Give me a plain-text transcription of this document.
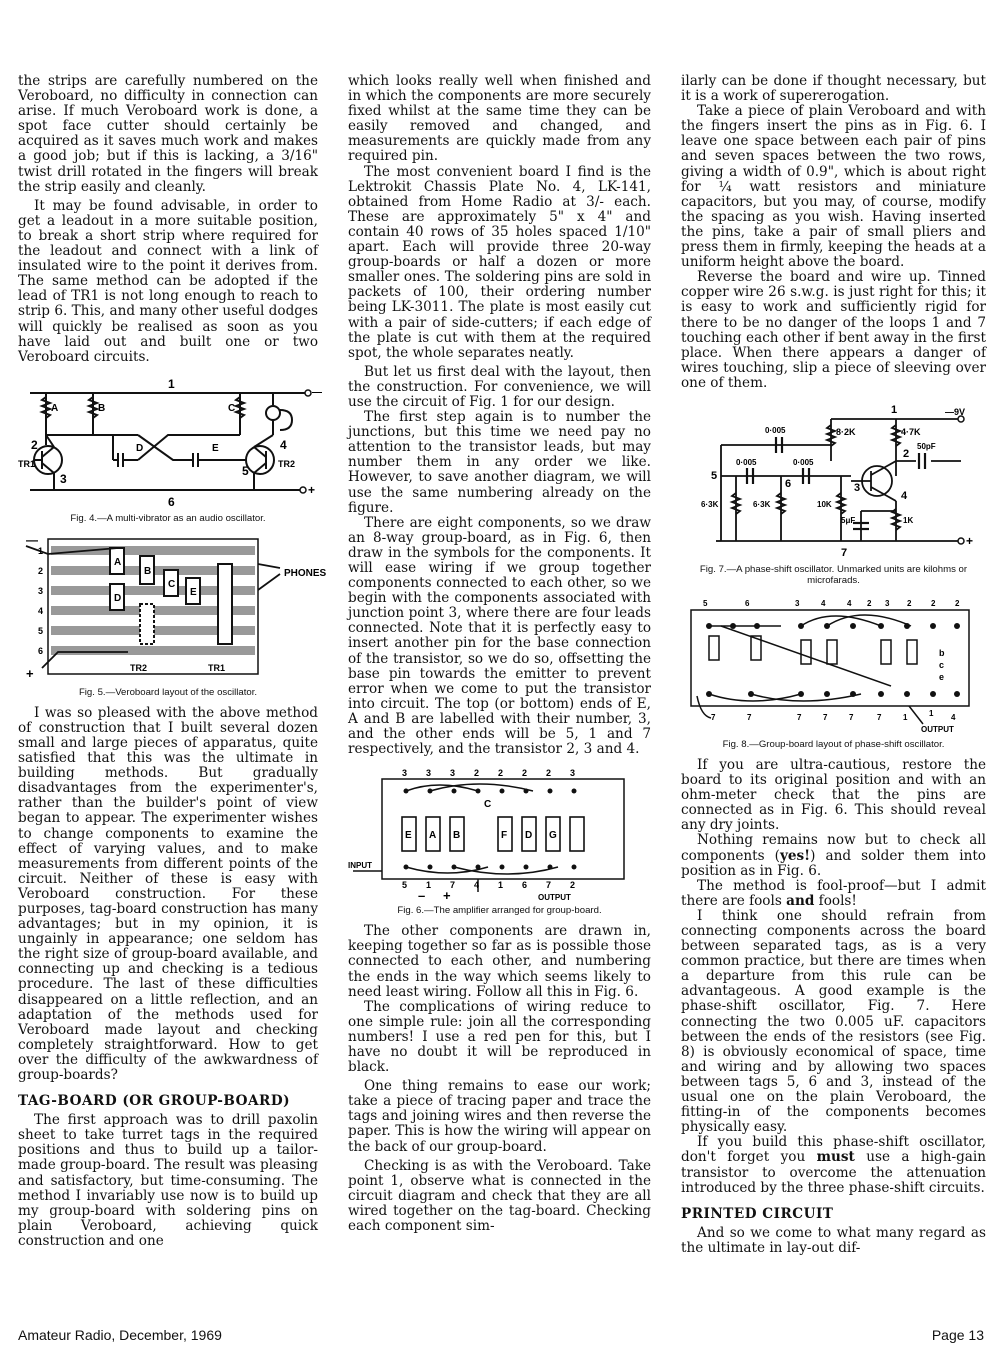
the strips are carefully numbered on the Veroboard, no difficulty in connection can arise. If much Veroboard work is done, a spot face cutter should certainly be acquired as it saves much work and makes a good job; but if this is lacking, a 3/16" twist drill rotated in the fingers will break the strip easily and cleanly.

It may be found advisable, in order to get a leadout in a more suitable position, to break a short strip where required for the leadout and connect with a link of insulated wire to the point it derives from. The same method can be adopted if the lead of TR1 is not long enough to reach to strip 6. This, and many other useful dodges will quickly be realised as soon as you have laid out and built one or two Veroboard circuits.

1
6
A	B	C
D	E
2
3
4
5
TR1	TR2
—
+
Fig. 4.—A multi-vibrator as an audio oscillator.
—
+
1
2
3
4
5
6
A
D
B
C
E
PHONES
TR2	TR1
Fig. 5.—Veroboard layout of the oscillator.

I was so pleased with the above method of construction that I built several dozen small and large pieces of apparatus, quite satisfied that this was the ultimate in building methods. But gradually disadvantages from the experimenter's, rather than the builder's point of view began to appear. The experimenter wishes to change components to examine the effect of varying values, and to make measurements from different points of the circuit. Neither of these is easy with Veroboard construction. For these purposes, tag-board construction has many advantages; but in my opinion, it is ungainly in appearance; one seldom has the right size of group-board available, and connecting up and checking is a tedious procedure. The last of these difficulties disappeared on a little reflection, and an adaptation of the methods used for Veroboard made layout and checking completely straightforward. How to get over the difficulty of the awkwardness of group-boards?

TAG-BOARD (OR GROUP-BOARD)

The first approach was to drill paxolin sheet to take turret tags in the required positions and thus to build up a tailor-made group-board. The result was pleasing and satisfactory, but time-consuming. The method I invariably use now is to build up my group-board with soldering pins on plain Veroboard, achieving quick construction and one

which looks really well when finished and in which the components are more securely fixed whilst at the same time they can be easily removed and changed, and measurements are quickly made from any required pin.

The most convenient board I find is the Lektrokit Chassis Plate No. 4, LK-141, obtained from Home Radio at 3/- each. These are approximately 5" x 4" and contain 40 rows of 35 holes spaced 1/10" apart. Each will provide three 20-way group-boards or half a dozen or more smaller ones. The soldering pins are sold in packets of 100, their ordering number being LK-3011. The plate is most easily cut with a pair of side-cutters; if each edge of the plate is cut with them at the required spot, the whole separates neatly.

But let us first deal with the layout, then the construction. For convenience, we will use the circuit of Fig. 1 for our design.

The first step again is to number the junctions, but this time we need pay no attention to the transistor leads, but may number them in any order we like. However, to save another diagram, we will use the same numbering already on the figure.

There are eight components, so we draw an 8-way group-board, as in Fig. 6, then draw in the symbols for the components. It will ease wiring if we group together components connected to each other, so we begin with the components associated with junction point 3, where there are four leads connected. Note that it is perfectly easy to insert another pin for the base connection of the transistor, so we do so, offsetting the base pin towards the emitter to prevent error when we come to put the transistor into circuit. The top (or bottom) ends of E, A and B are labelled with their number, 3, and the other ends will be 5, 1 and 7 respectively, and the transistor 2, 3 and 4.

3 3 3 2 2 2 2 3
5 1 7 4 1 6 7 2
E A B
C
F D G
INPUT
OUTPUT
– +
Fig. 6.—The amplifier arranged for group-board.

The other components are drawn in, keeping together so far as is possible those connected to each other, and numbering the ends in the way which seems likely to need least wiring. Follow all this in Fig. 6.

The complications of wiring reduce to one simple rule: join all the corresponding numbers! I use a red pen for this, but I have no doubt it will be reproduced in black.

One thing remains to ease our work; take a piece of tracing paper and trace the tags and joining wires and then reverse the paper. This is how the wiring will appear on the back of our group-board.

Checking is as with the Veroboard. Take point 1, observe what is connected in the circuit diagram and check that they are all wired together on the tag-board. Checking each component sim-

ilarly can be done if thought necessary, but it is a work of supererogation.

Take a piece of plain Veroboard and with the fingers insert the pins as in Fig. 6. I leave one space between each pair of pins and seven spaces between the two rows, giving a width of 0.9", which is about right for ¼ watt resistors and miniature capacitors, but you may, of course, modify the spacing as you wish. Having inserted the pins, take a pair of small pliers and press them in firmly, keeping the heads at a uniform height above the board.

Reverse the board and wire up. Tinned copper wire 26 s.w.g. is just right for this; it is easy to work and sufficiently rigid for there to be no danger of the loops 1 and 7 touching each other if bent away in the first place. When there appears a danger of wires touching, slip a piece of sleeving over one of them.

8·2K	4·7K
0·005
0·005	0·005
50pF
6·3K	6·3K	10K
1K
5μF
1
2
3
4
5
6
7
—9V
+
Fig. 7.—A phase-shift oscillator. Unmarked units are kilohms or microfarads.
5	6	3	4	4 2 3 2 2 2
7	7	7	7	7	7	1	1 4
b
c
e
OUTPUT
Fig. 8.—Group-board layout of phase-shift oscillator.

If you are ultra-cautious, restore the board to its original position and with an ohm-meter check that the pins are connected as in Fig. 6. This should reveal any dry joints.

Nothing remains now but to check all components (yes!) and solder them into position as in Fig. 6.

The method is fool-proof—but I admit there are fools and fools!

I think one should refrain from connecting components across the board between separated tags, as is a very common practice, but there are times when a departure from this rule can be advantageous. A good example is the phase-shift oscillator, Fig. 7. Here connecting the two 0.005 uF. capacitors between the ends of the resistors (see Fig. 8) is obviously economical of space, time and wiring and by allowing two spaces between tags 5, 6 and 3, instead of the usual one on the plain Veroboard, the fitting-in of the components becomes physically easy.

If you build this phase-shift oscillator, don't forget you must use a high-gain transistor to overcome the attenuation introduced by the three phase-shift circuits.

PRINTED CIRCUIT

And so we come to what many regard as the ultimate in lay-out dif-

Amateur Radio, December, 1969	Page 13
